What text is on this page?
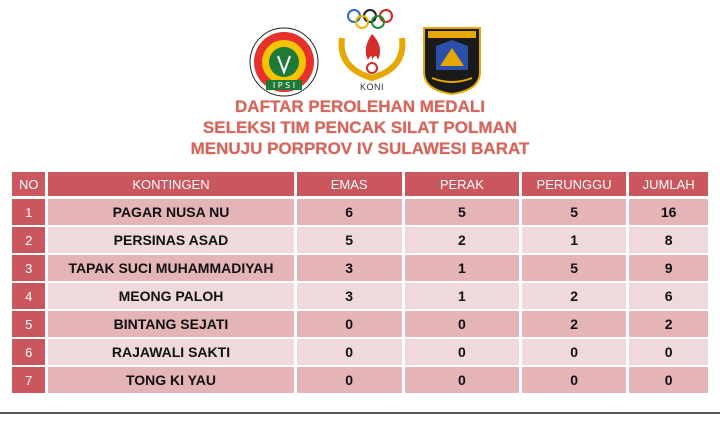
I P S I	KONI
DAFTAR PEROLEHAN MEDALI
SELEKSI TIM PENCAK SILAT POLMAN
MENUJU PORPROV IV SULAWESI BARAT
NO	KONTINGEN	EMAS	PERAK	PERUNGGU	JUMLAH
1	PAGAR NUSA NU	6	5	5	16
2	PERSINAS ASAD	5	2	1	8
3	TAPAK SUCI MUHAMMADIYAH	3	1	5	9
4	MEONG PALOH	3	1	2	6
5	BINTANG SEJATI	0	0	2	2
6	RAJAWALI SAKTI	0	0	0	0
7	TONG KI YAU	0	0	0	0
